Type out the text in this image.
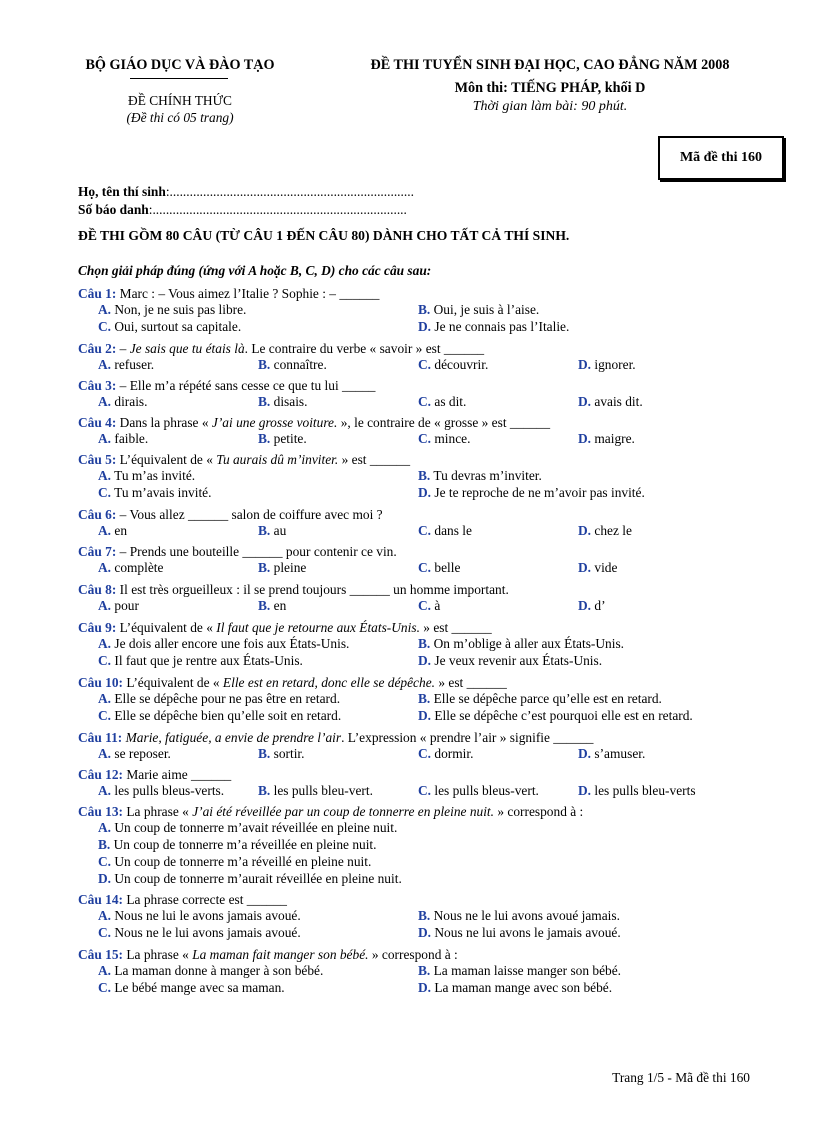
BỘ GIÁO DỤC VÀ ĐÀO TẠO
ĐỀ CHÍNH THỨC
(Đề thi có 05 trang)
ĐỀ THI TUYỂN SINH ĐẠI HỌC, CAO ĐẲNG NĂM 2008
Môn thi: TIẾNG PHÁP, khối D
Thời gian làm bài: 90 phút.
Mã đề thi 160
Họ, tên thí sinh:.........................................................................
Số báo danh:............................................................................
ĐỀ THI GỒM 80 CÂU (TỪ CÂU 1 ĐẾN CÂU 80) DÀNH CHO TẤT CẢ THÍ SINH.
Chọn giải pháp đúng (ứng với A hoặc B, C, D) cho các câu sau:
Câu 1: Marc : – Vous aimez l’Italie ? Sophie : – ______
A. Non, je ne suis pas libre.	B. Oui, je suis à l’aise.
C. Oui, surtout sa capitale.	D. Je ne connais pas l’Italie.
Câu 2: – Je sais que tu étais là. Le contraire du verbe « savoir » est ______
A. refuser.	B. connaître.	C. découvrir.	D. ignorer.
Câu 3: – Elle m’a répété sans cesse ce que tu lui _____
A. dirais.	B. disais.	C. as dit.	D. avais dit.
Câu 4: Dans la phrase « J’ai une grosse voiture. », le contraire de « grosse » est ______
A. faible.	B. petite.	C. mince.	D. maigre.
Câu 5: L’équivalent de « Tu aurais dû m’inviter. » est ______
A. Tu m’as invité.	B. Tu devras m’inviter.
C. Tu m’avais invité.	D. Je te reproche de ne m’avoir pas invité.
Câu 6: – Vous allez ______ salon de coiffure avec moi ?
A. en	B. au	C. dans le	D. chez le
Câu 7: – Prends une bouteille ______ pour contenir ce vin.
A. complète	B. pleine	C. belle	D. vide
Câu 8: Il est très orgueilleux : il se prend toujours ______ un homme important.
A. pour	B. en	C. à	D. d’
Câu 9: L’équivalent de « Il faut que je retourne aux États-Unis. » est ______
A. Je dois aller encore une fois aux États-Unis.	B. On m’oblige à aller aux États-Unis.
C. Il faut que je rentre aux États-Unis.	D. Je veux revenir aux États-Unis.
Câu 10: L’équivalent de « Elle est en retard, donc elle se dépêche. » est ______
A. Elle se dépêche pour ne pas être en retard.	B. Elle se dépêche parce qu’elle est en retard.
C. Elle se dépêche bien qu’elle soit en retard.	D. Elle se dépêche c’est pourquoi elle est en retard.
Câu 11: Marie, fatiguée, a envie de prendre l’air. L’expression « prendre l’air » signifie ______
A. se reposer.	B. sortir.	C. dormir.	D. s’amuser.
Câu 12: Marie aime ______
A. les pulls bleus-verts.	B. les pulls bleu-vert.	C. les pulls bleus-vert.	D. les pulls bleu-verts
Câu 13: La phrase « J’ai été réveillée par un coup de tonnerre en pleine nuit. » correspond à :
A. Un coup de tonnerre m’avait réveillée en pleine nuit.
B. Un coup de tonnerre m’a réveillée en pleine nuit.
C. Un coup de tonnerre m’a réveillé en pleine nuit.
D. Un coup de tonnerre m’aurait réveillée en pleine nuit.
Câu 14: La phrase correcte est ______
A. Nous ne lui le avons jamais avoué.	B. Nous ne le lui avons avoué jamais.
C. Nous ne le lui avons jamais avoué.	D. Nous ne lui avons le jamais avoué.
Câu 15: La phrase « La maman fait manger son bébé. » correspond à :
A. La maman donne à manger à son bébé.	B. La maman laisse manger son bébé.
C. Le bébé mange avec sa maman.	D. La maman mange avec son bébé.
Trang 1/5 - Mã đề thi 160
